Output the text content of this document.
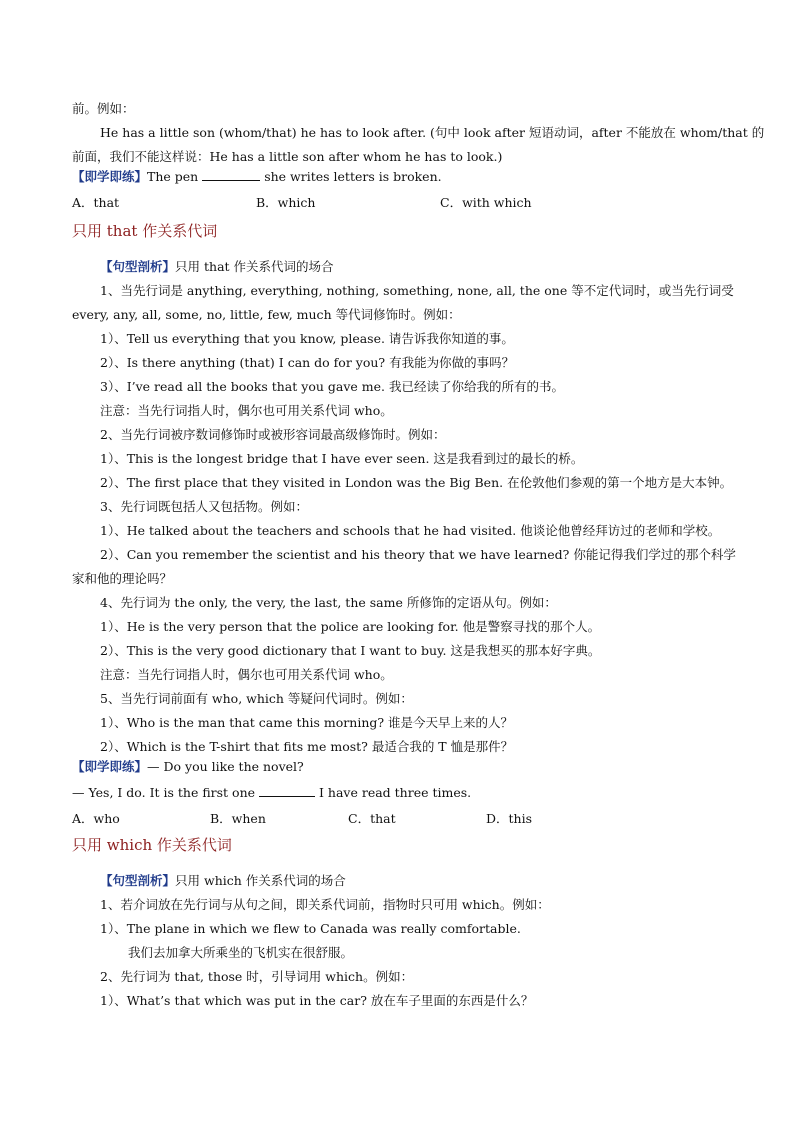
前。例如：
He has a little son (whom/that) he has to look after. (句中 look after 短语动词，after 不能放在 whom/that 的
前面，我们不能这样说：He has a little son after whom he has to look.)
【即学即练】The pen	she writes letters is broken.
A．that	B．which	C．with which
只用 that 作关系代词
【句型剖析】只用 that 作关系代词的场合
1、当先行词是 anything, everything, nothing, something, none, all, the one 等不定代词时，或当先行词受
every, any, all, some, no, little, few, much 等代词修饰时。例如：
1）、Tell us everything that you know, please. 请告诉我你知道的事。
2）、Is there anything (that) I can do for you? 有我能为你做的事吗？
3）、I’ve read all the books that you gave me. 我已经读了你给我的所有的书。
注意：当先行词指人时，偶尔也可用关系代词 who。
2、当先行词被序数词修饰时或被形容词最高级修饰时。例如：
1）、This is the longest bridge that I have ever seen. 这是我看到过的最长的桥。
2）、The first place that they visited in London was the Big Ben. 在伦敦他们参观的第一个地方是大本钟。
3、先行词既包括人又包括物。例如：
1）、He talked about the teachers and schools that he had visited. 他谈论他曾经拜访过的老师和学校。
2）、Can you remember the scientist and his theory that we have learned? 你能记得我们学过的那个科学
家和他的理论吗？
4、先行词为 the only, the very, the last, the same 所修饰的定语从句。例如：
1）、He is the very person that the police are looking for. 他是警察寻找的那个人。
2）、This is the very good dictionary that I want to buy. 这是我想买的那本好字典。
注意：当先行词指人时，偶尔也可用关系代词 who。
5、当先行词前面有 who, which 等疑问代词时。例如：
1）、Who is the man that came this morning? 谁是今天早上来的人？
2）、Which is the T-shirt that fits me most? 最适合我的 T 恤是那件？
【即学即练】— Do you like the novel?
— Yes, I do. It is the first one	I have read three times.
A．who	B．when	C．that	D．this
只用 which 作关系代词
【句型剖析】只用 which 作关系代词的场合
1、若介词放在先行词与从句之间，即关系代词前，指物时只可用 which。例如：
1）、The plane in which we flew to Canada was really comfortable.
我们去加拿大所乘坐的飞机实在很舒服。
2、先行词为 that, those 时，引导词用 which。例如：
1）、What’s that which was put in the car? 放在车子里面的东西是什么？
